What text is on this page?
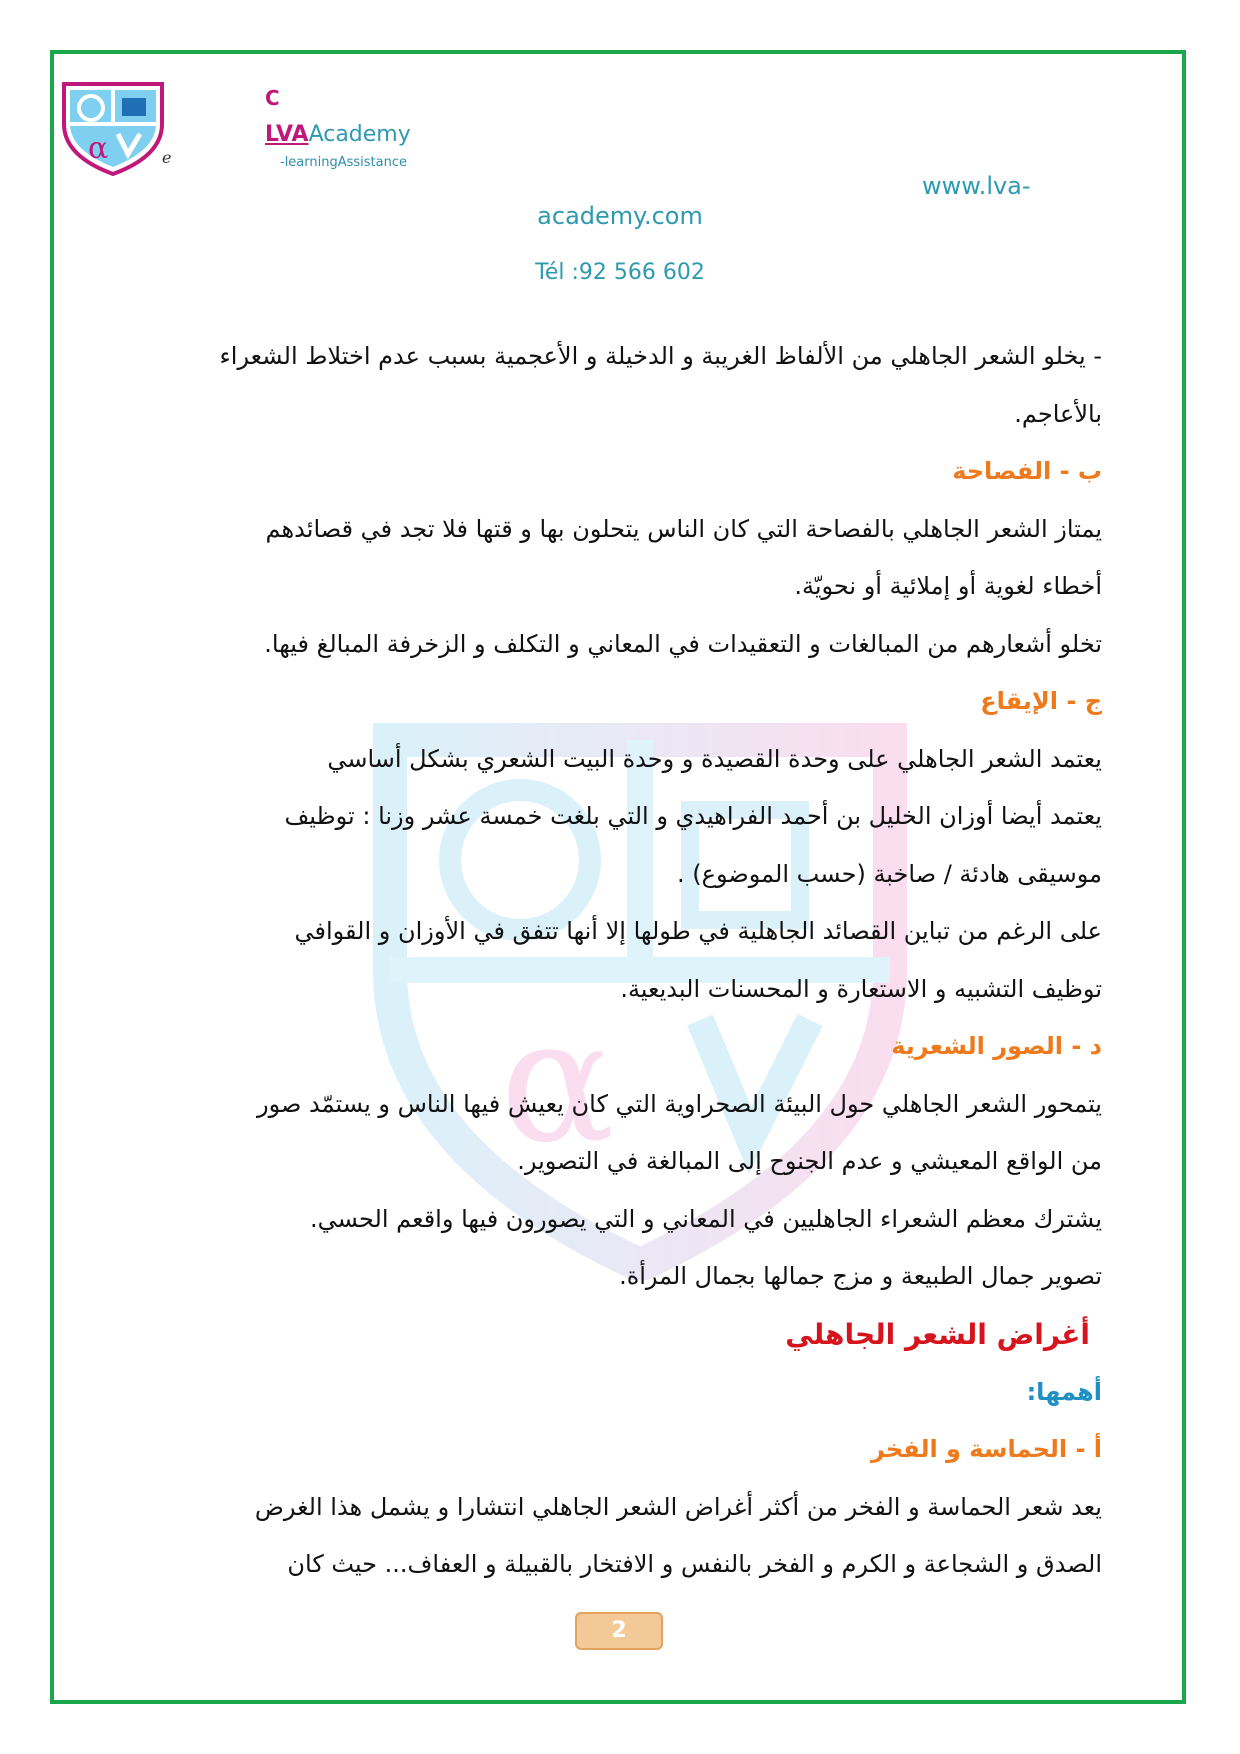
α
α	e
C
LVAAcademy
-learningAssistance
www.lva-
academy.com
Tél :92 566 602
- يخلو الشعر الجاهلي من الألفاظ الغريبة و الدخيلة و الأعجمية بسبب عدم اختلاط الشعراء
بالأعاجم.
ب - الفصاحة
يمتاز الشعر الجاهلي بالفصاحة التي كان الناس يتحلون بها و قتها فلا تجد في قصائدهم
أخطاء لغوية أو إملائية أو نحويّة.
تخلو أشعارهم من المبالغات و التعقيدات في المعاني و التكلف و الزخرفة المبالغ فيها.
ج - الإيقاع
يعتمد الشعر الجاهلي على وحدة القصيدة و وحدة البيت الشعري بشكل أساسي
يعتمد أيضا أوزان الخليل بن أحمد الفراهيدي و التي بلغت خمسة عشر وزنا : توظيف
موسيقى هادئة / صاخبة (حسب الموضوع) .
على الرغم من تباين القصائد الجاهلية في طولها إلا أنها تتفق في الأوزان و القوافي
توظيف التشبيه و الاستعارة و المحسنات البديعية.
د - الصور الشعرية
يتمحور الشعر الجاهلي حول البيئة الصحراوية التي كان يعيش فيها الناس و يستمّد صور
من الواقع المعيشي و عدم الجنوح إلى المبالغة في التصوير.
يشترك معظم الشعراء الجاهليين في المعاني و التي يصورون فيها واقعم الحسي.
تصوير جمال الطبيعة و مزج جمالها بجمال المرأة.
أغراض الشعر الجاهلي
أهمها:
أ - الحماسة و الفخر
يعد شعر الحماسة و الفخر من أكثر أغراض الشعر الجاهلي انتشارا و يشمل هذا الغرض
الصدق و الشجاعة و الكرم و الفخر بالنفس و الافتخار بالقبيلة و العفاف... حيث كان
2
